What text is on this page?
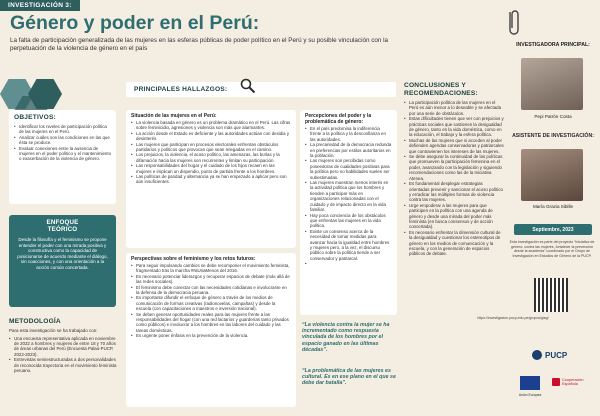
INVESTIGACIÓN 3:
Género y poder en el Perú:
La falta de participación generalizada de las mujeres en las esferas públicas de poder político en el Perú y su posible vinculación con la perpetuación de la violencia de género en el país
OBJETIVOS:
• Identificar los niveles de participación política de las mujeres en el Perú.
• Analizar cuáles son las condiciones en las que ésta se produce.
• Evaluar conexiones entre la ausencia de mujeres en el poder político y el mantenimiento o exacerbación de la violencia de género.
ENFOQUE TEÓRICO
Desde la filosofía y el feminismo se propone entender el poder con una mirada positiva y constructiva como la capacidad de posicionarse de acuerdo mediante el diálogo, sin coacciones, y con una orientación a la acción común concertada.
METODOLOGÍA
Para esta investigación se ha trabajado con:
• Una encuesta representativa aplicada en noviembre de 2022 a hombres y mujeres de entre 18 y 70 años de áreas urbanas del Perú (Encuesta Palaú-PUCP, 2022-2023).
• Entrevistas semiestructuradas a dos personalidades de reconocida trayectoria en el movimiento feminista peruano.
PRINCIPALES HALLAZGOS:
Situación de las mujeres en el Perú:
• La violencia basada en género es un problema dramático en el Perú. Las cifras sobre feminicidio, agresiones y violencia son más que alarmantes.
• La acción desde el Estado es deficiente y las autoridades actúan con desidia y desinterés.
• Las mujeres que participan en procesos electorales enfrentan obstáculos partidarios y políticos que provocan que sean relegadas en el camino.
• Los prejuicios, la violencia, el acoso político, las amenazas, las burlas y la difamación hacia las mujeres son recurrentes y limitan su participación.
• Las responsabilidades del hogar y el cuidado de los hijos recaen en las mujeres e implican un dispendio, punto de partida frente a los hombres.
• Las políticas de paridad y alternancia ya se han empezado a aplicar pero son aún insuficientes.
Perspectivas sobre el feminismo y los retos futuros:
• Para seguir impulsando cambios se debe recomponer el movimiento feminista, fragmentado tras la marcha #NiUnaMenos del 2016.
• Es necesario potenciar liderazgos y recuperar espacios de debate (más allá de las redes sociales).
• El feminismo debe conectar con las necesidades cotidianas e involucrarse en la defensa de la democracia peruana.
• Es importante difundir el enfoque de género a través de los medios de comunicación de formas creativas (radionovelas, campañas) y desde la escuela (con capacitaciones a maestros e inversión nacional).
• Se deben generar oportunidades reales para las mujeres frente a las responsabilidades del hogar (con una red lactarios y guarderías tanto privados como públicos) e involucrar a los hombres en las labores del cuidado y las tareas domésticas.
• Es urgente poner énfasis en la prevención de la violencia.
Percepciones del poder y la problemática de género:
• En el país predomina la indiferencia frente a la política y la desconfianza en las autoridades.
• La precariedad de la democracia redunda en preferencias por estilos autoritarios en la población.
• Las mujeres son percibidas como poseedoras de cualidades positivas para la política pero no habilidades suelen ser subestimadas.
• Las mujeres muestran menos interés en la actividad política que los hombres y tienden a participar más en organizaciones relacionadas con el cuidado y de impacto directo en la vida familiar.
• Hay poca conciencia de los obstáculos que enfrentan las mujeres en la vida política.
• Existe un consenso acerca de la necesidad de tomar medidas para avanzar hacia la igualdad entre hombres y mujeres pero, a la vez, el discurso público sobre la política tiende a ser conservador y patriarcal.
“La violencia contra la mujer se ha incrementado como respuesta vinculada de los hombres por el espacio ganado en las últimas décadas”.
“La problemática de las mujeres es cultural. Es en ese plano en el que se debe dar batalla”.
CONCLUSIONES Y RECOMENDACIONES:
• La participación política de las mujeres en el Perú es aún menor a lo deseable y se afectada por una serie de obstáculos.
• Estas dificultades tienen que ver con prejuicios y prácticas sociales que sostienen la desigualdad de género, tanto en la vida doméstica, como en la educación, el trabajo y la esfera política.
• Muchas de las mujeres que si acceden al poder defienden agendas conservadoras y patriarcales que contravienen los intereses de las mujeres.
• Se debe asegurar la continuidad de las políticas que promueven la participación femenina en el poder, avanzando con la legislación y siguiendo recomendaciones como las de la Iniciativa Atenea.
• Es fundamental desplegar estrategias orientadas prevenir y sancionar el acoso político y erradicar las múltiples formas de violencia contra las mujeres.
• Urge empoderar a las mujeres para que participen en la política con una agenda de género y desde una mirada del poder más feminista (en busca consensos y de acción concertada).
• Es necesario enfrentar la dimensión cultural de la desigualdad y cuestionar los estereotipos de género en los medios de comunicación y la escuela, y con la generación de espacios públicos de debate.
INVESTIGADORA PRINCIPAL:
Pepi Patrón Costa
ASISTENTE DE INVESTIGACIÓN:
María Grazia Sibille
Septiembre, 2023
Esta investigación es parte del proyecto “Iniciativa de género: contra las mujeres, fortalecer la prevención desde la academia” coordinado por el Grupo de Investigación en Estudios de Género de la PUCP.
https://investigacion.pucp.edu.pe/grupos/gieg/
PUCP
Unión Europea
Cooperación Española
